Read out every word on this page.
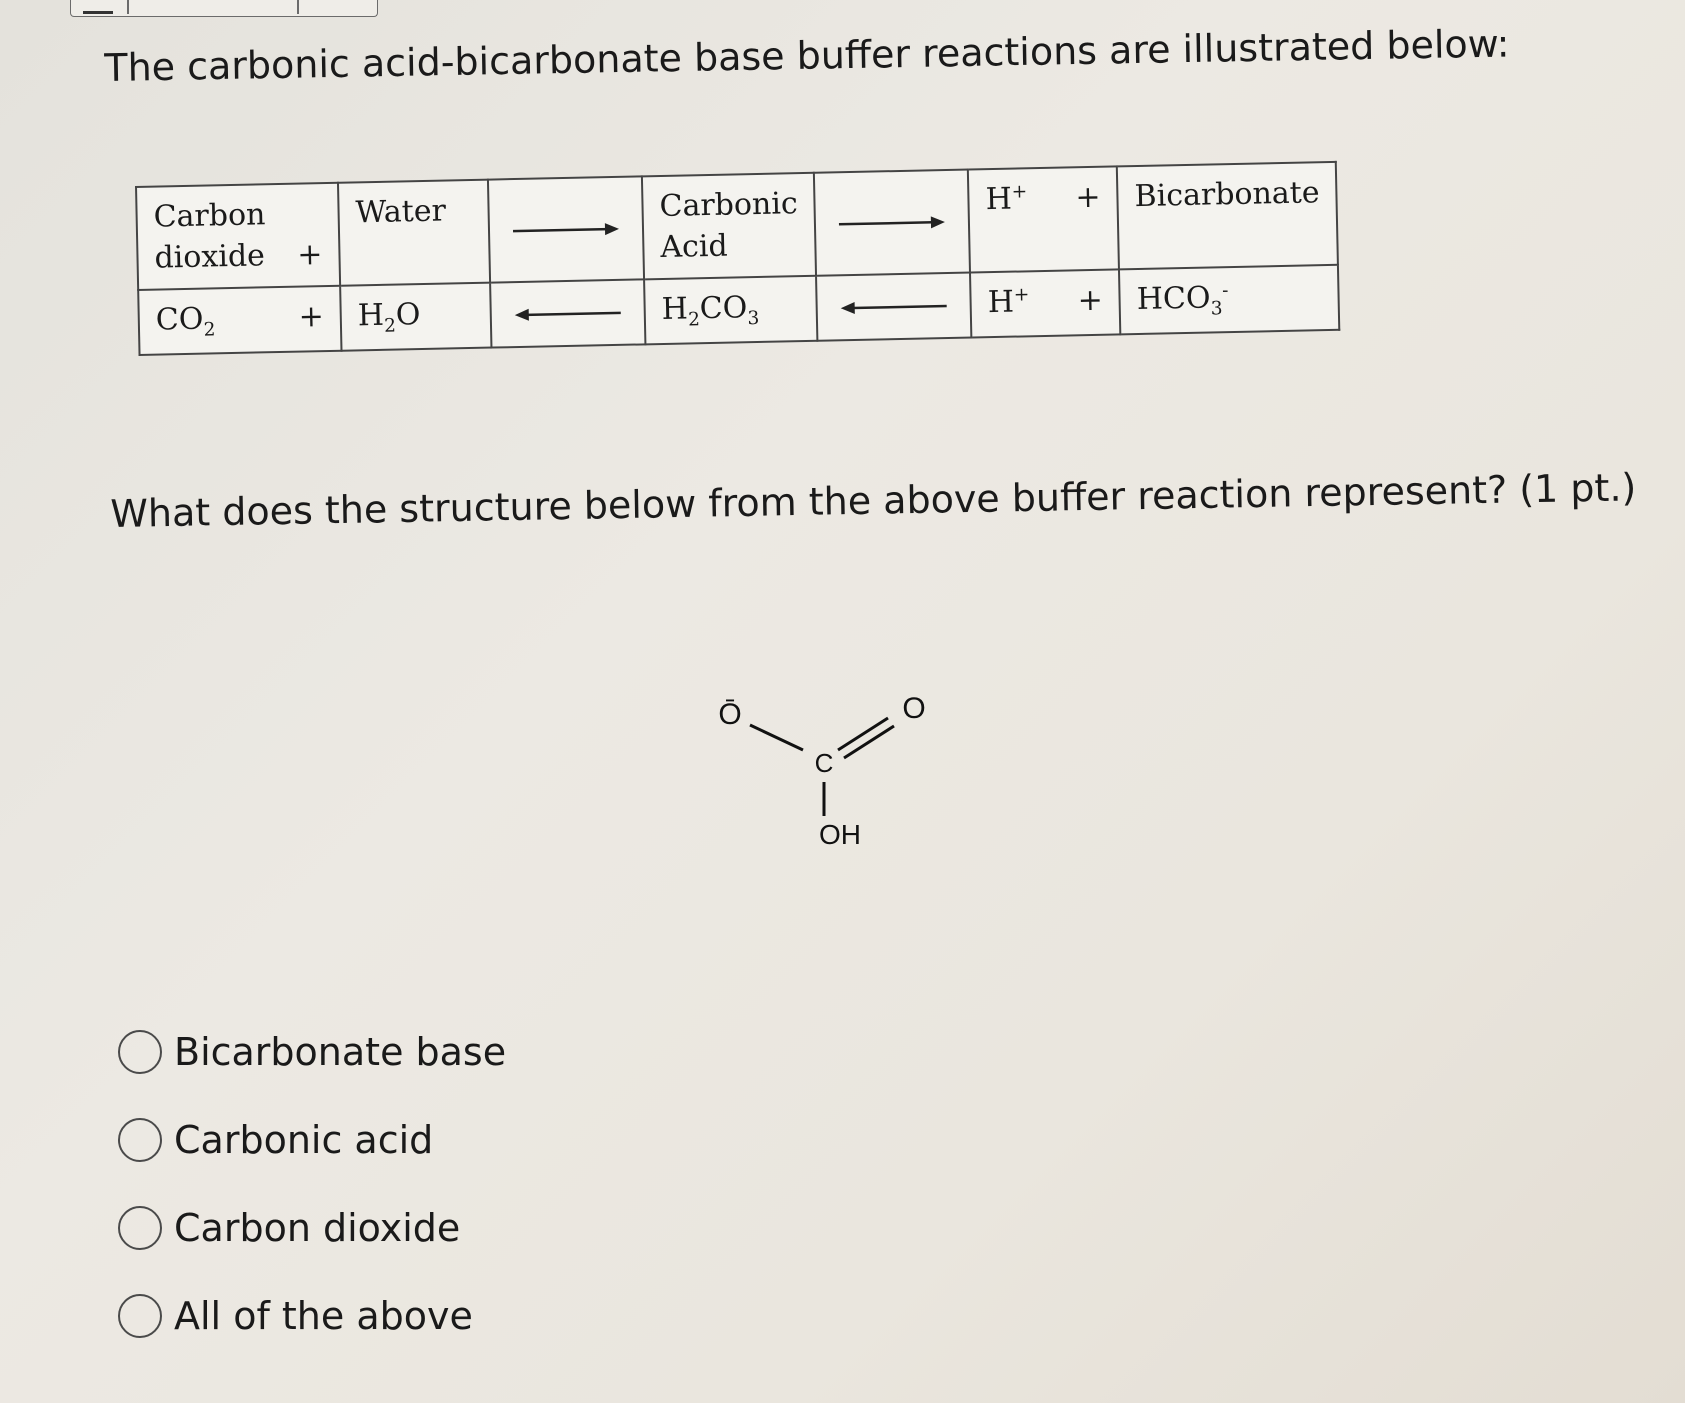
The carbonic acid-bicarbonate base buffer reactions are illustrated below:
Carbon dioxide +	Water		Carbonic Acid		H+ +	Bicarbonate
$CO_2$ +	$H_2O$		$H_2CO_3$		H+ +	$HCO_3^-$
What does the structure below from the above buffer reaction represent? (1 pt.)
Ō
C
O
OH
Bicarbonate base
Carbonic acid
Carbon dioxide
All of the above
